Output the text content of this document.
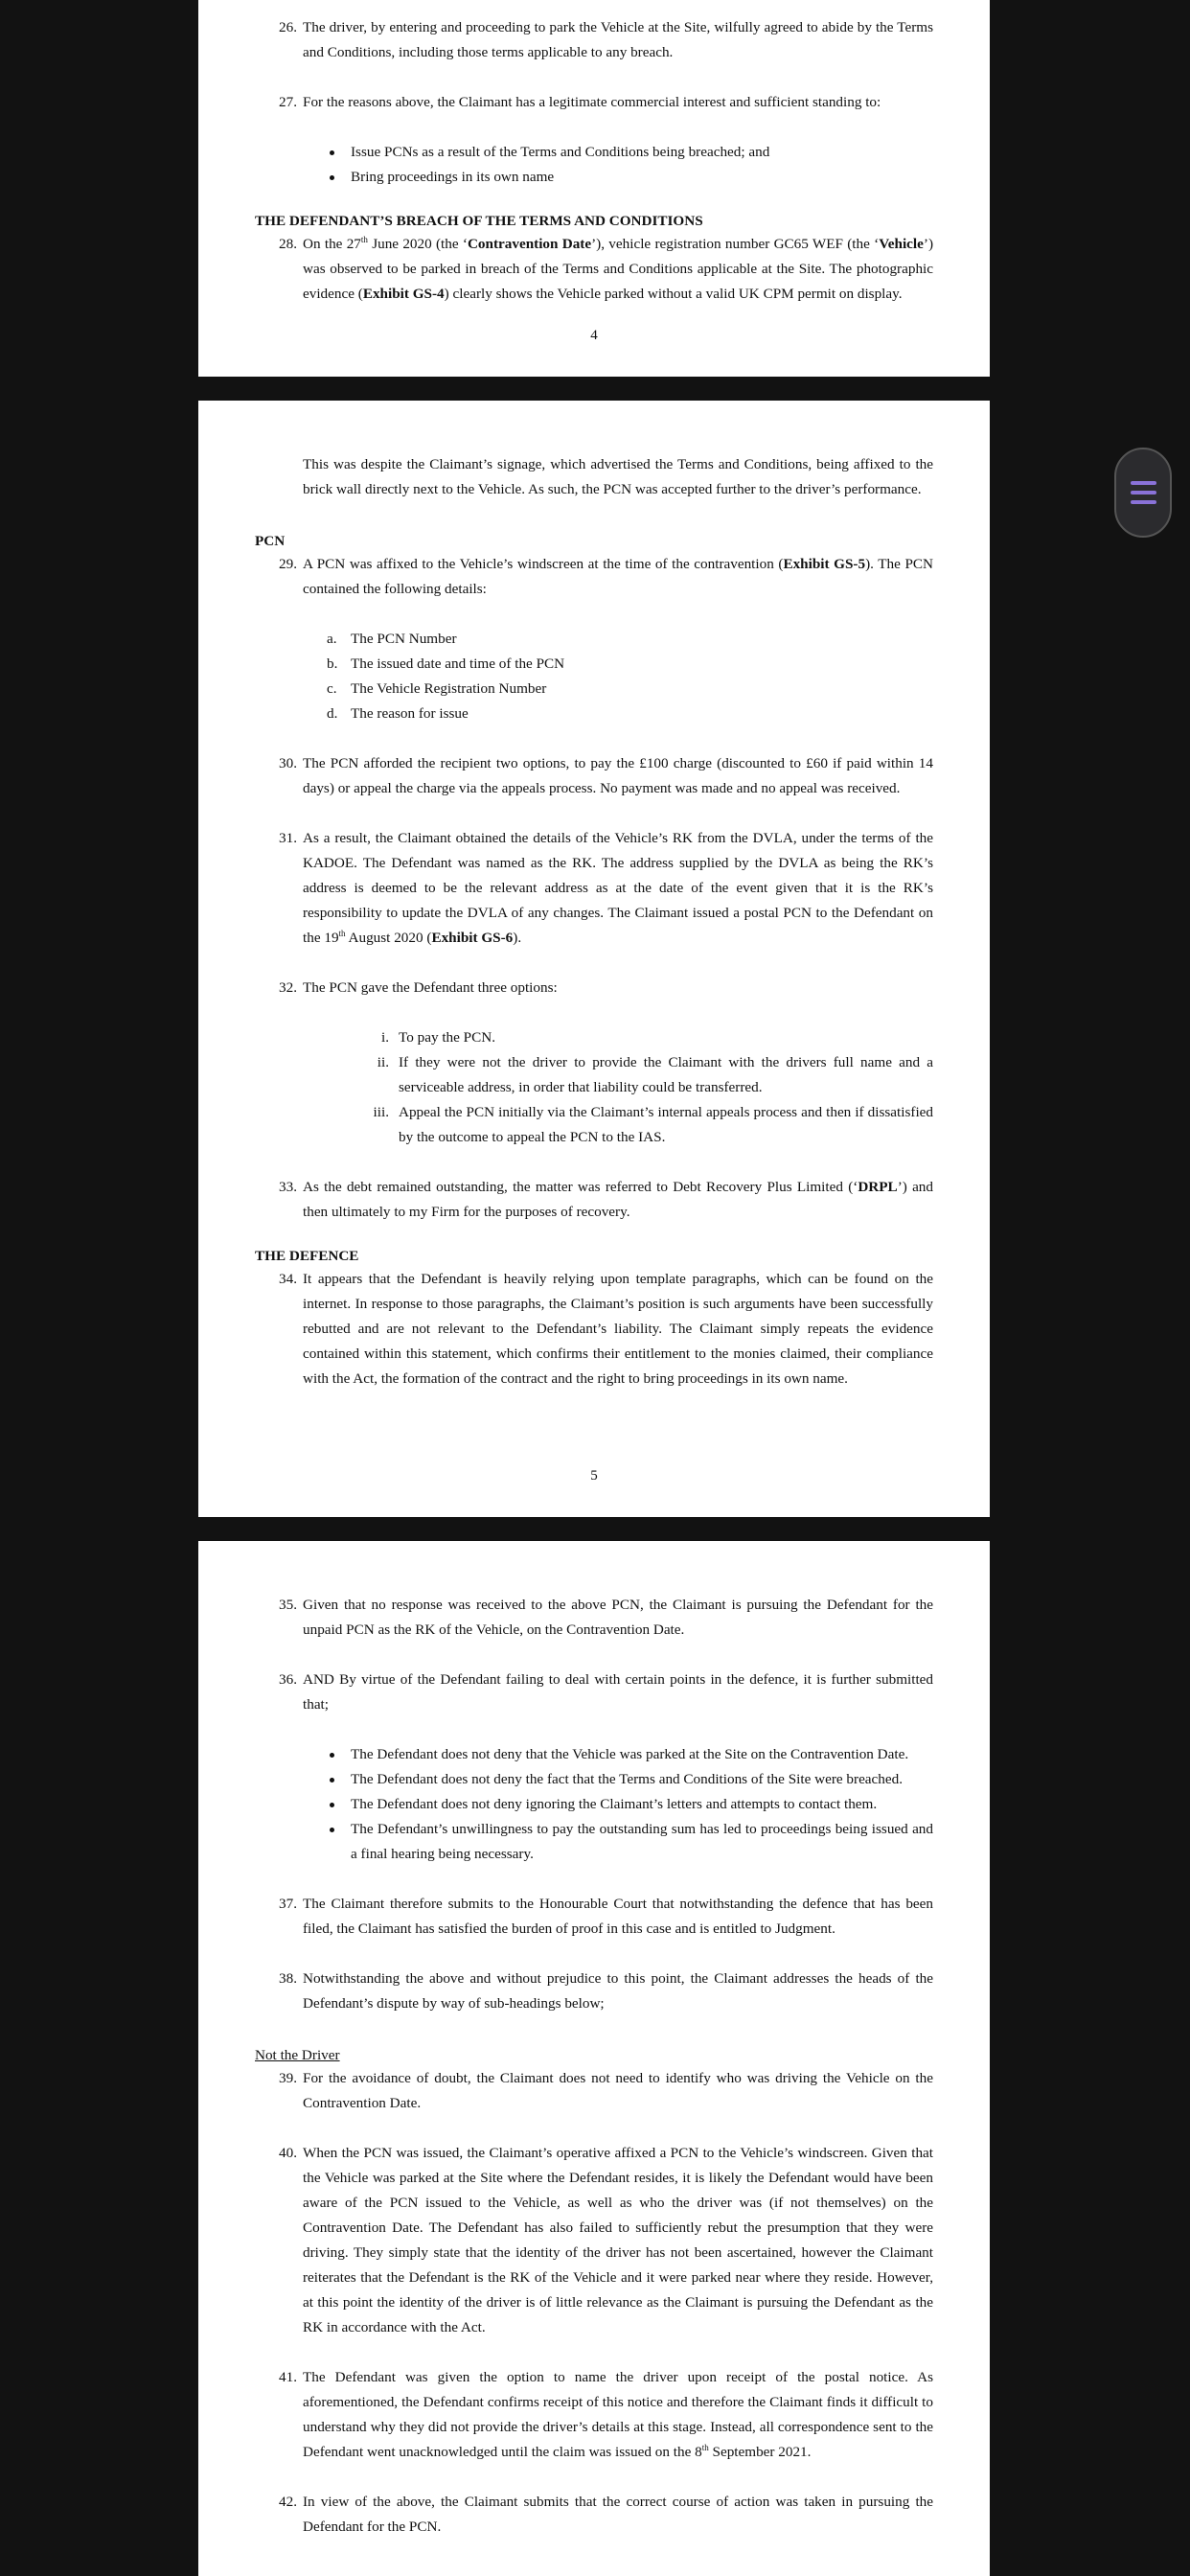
26. The driver, by entering and proceeding to park the Vehicle at the Site, wilfully agreed to abide by the Terms and Conditions, including those terms applicable to any breach.

27. For the reasons above, the Claimant has a legitimate commercial interest and sufficient standing to:

Issue PCNs as a result of the Terms and Conditions being breached; and
Bring proceedings in its own name

THE DEFENDANT’S BREACH OF THE TERMS AND CONDITIONS

28. On the 27th June 2020 (the ‘Contravention Date’), vehicle registration number GC65 WEF (the ‘Vehicle’) was observed to be parked in breach of the Terms and Conditions applicable at the Site. The photographic evidence (Exhibit GS-4) clearly shows the Vehicle parked without a valid UK CPM permit on display.

4

This was despite the Claimant’s signage, which advertised the Terms and Conditions, being affixed to the brick wall directly next to the Vehicle. As such, the PCN was accepted further to the driver’s performance.

PCN

29. A PCN was affixed to the Vehicle’s windscreen at the time of the contravention (Exhibit GS-5). The PCN contained the following details:

a. The PCN Number
b. The issued date and time of the PCN
c. The Vehicle Registration Number
d. The reason for issue

30. The PCN afforded the recipient two options, to pay the £100 charge (discounted to £60 if paid within 14 days) or appeal the charge via the appeals process. No payment was made and no appeal was received.

31. As a result, the Claimant obtained the details of the Vehicle’s RK from the DVLA, under the terms of the KADOE. The Defendant was named as the RK. The address supplied by the DVLA as being the RK’s address is deemed to be the relevant address as at the date of the event given that it is the RK’s responsibility to update the DVLA of any changes. The Claimant issued a postal PCN to the Defendant on the 19th August 2020 (Exhibit GS-6).

32. The PCN gave the Defendant three options:

i. To pay the PCN.
ii. If they were not the driver to provide the Claimant with the drivers full name and a serviceable address, in order that liability could be transferred.
iii. Appeal the PCN initially via the Claimant’s internal appeals process and then if dissatisfied by the outcome to appeal the PCN to the IAS.

33. As the debt remained outstanding, the matter was referred to Debt Recovery Plus Limited (‘DRPL’) and then ultimately to my Firm for the purposes of recovery.

THE DEFENCE

34. It appears that the Defendant is heavily relying upon template paragraphs, which can be found on the internet. In response to those paragraphs, the Claimant’s position is such arguments have been successfully rebutted and are not relevant to the Defendant’s liability. The Claimant simply repeats the evidence contained within this statement, which confirms their entitlement to the monies claimed, their compliance with the Act, the formation of the contract and the right to bring proceedings in its own name.

5

35. Given that no response was received to the above PCN, the Claimant is pursuing the Defendant for the unpaid PCN as the RK of the Vehicle, on the Contravention Date.

36. AND By virtue of the Defendant failing to deal with certain points in the defence, it is further submitted that;

The Defendant does not deny that the Vehicle was parked at the Site on the Contravention Date.
The Defendant does not deny the fact that the Terms and Conditions of the Site were breached.
The Defendant does not deny ignoring the Claimant’s letters and attempts to contact them.
The Defendant’s unwillingness to pay the outstanding sum has led to proceedings being issued and a final hearing being necessary.

37. The Claimant therefore submits to the Honourable Court that notwithstanding the defence that has been filed, the Claimant has satisfied the burden of proof in this case and is entitled to Judgment.

38. Notwithstanding the above and without prejudice to this point, the Claimant addresses the heads of the Defendant’s dispute by way of sub-headings below;

Not the Driver

39. For the avoidance of doubt, the Claimant does not need to identify who was driving the Vehicle on the Contravention Date.

40. When the PCN was issued, the Claimant’s operative affixed a PCN to the Vehicle’s windscreen. Given that the Vehicle was parked at the Site where the Defendant resides, it is likely the Defendant would have been aware of the PCN issued to the Vehicle, as well as who the driver was (if not themselves) on the Contravention Date. The Defendant has also failed to sufficiently rebut the presumption that they were driving. They simply state that the identity of the driver has not been ascertained, however the Claimant reiterates that the Defendant is the RK of the Vehicle and it were parked near where they reside. However, at this point the identity of the driver is of little relevance as the Claimant is pursuing the Defendant as the RK in accordance with the Act.

41. The Defendant was given the option to name the driver upon receipt of the postal notice. As aforementioned, the Defendant confirms receipt of this notice and therefore the Claimant finds it difficult to understand why they did not provide the driver’s details at this stage. Instead, all correspondence sent to the Defendant went unacknowledged until the claim was issued on the 8th September 2021.

42. In view of the above, the Claimant submits that the correct course of action was taken in pursuing the Defendant for the PCN.
